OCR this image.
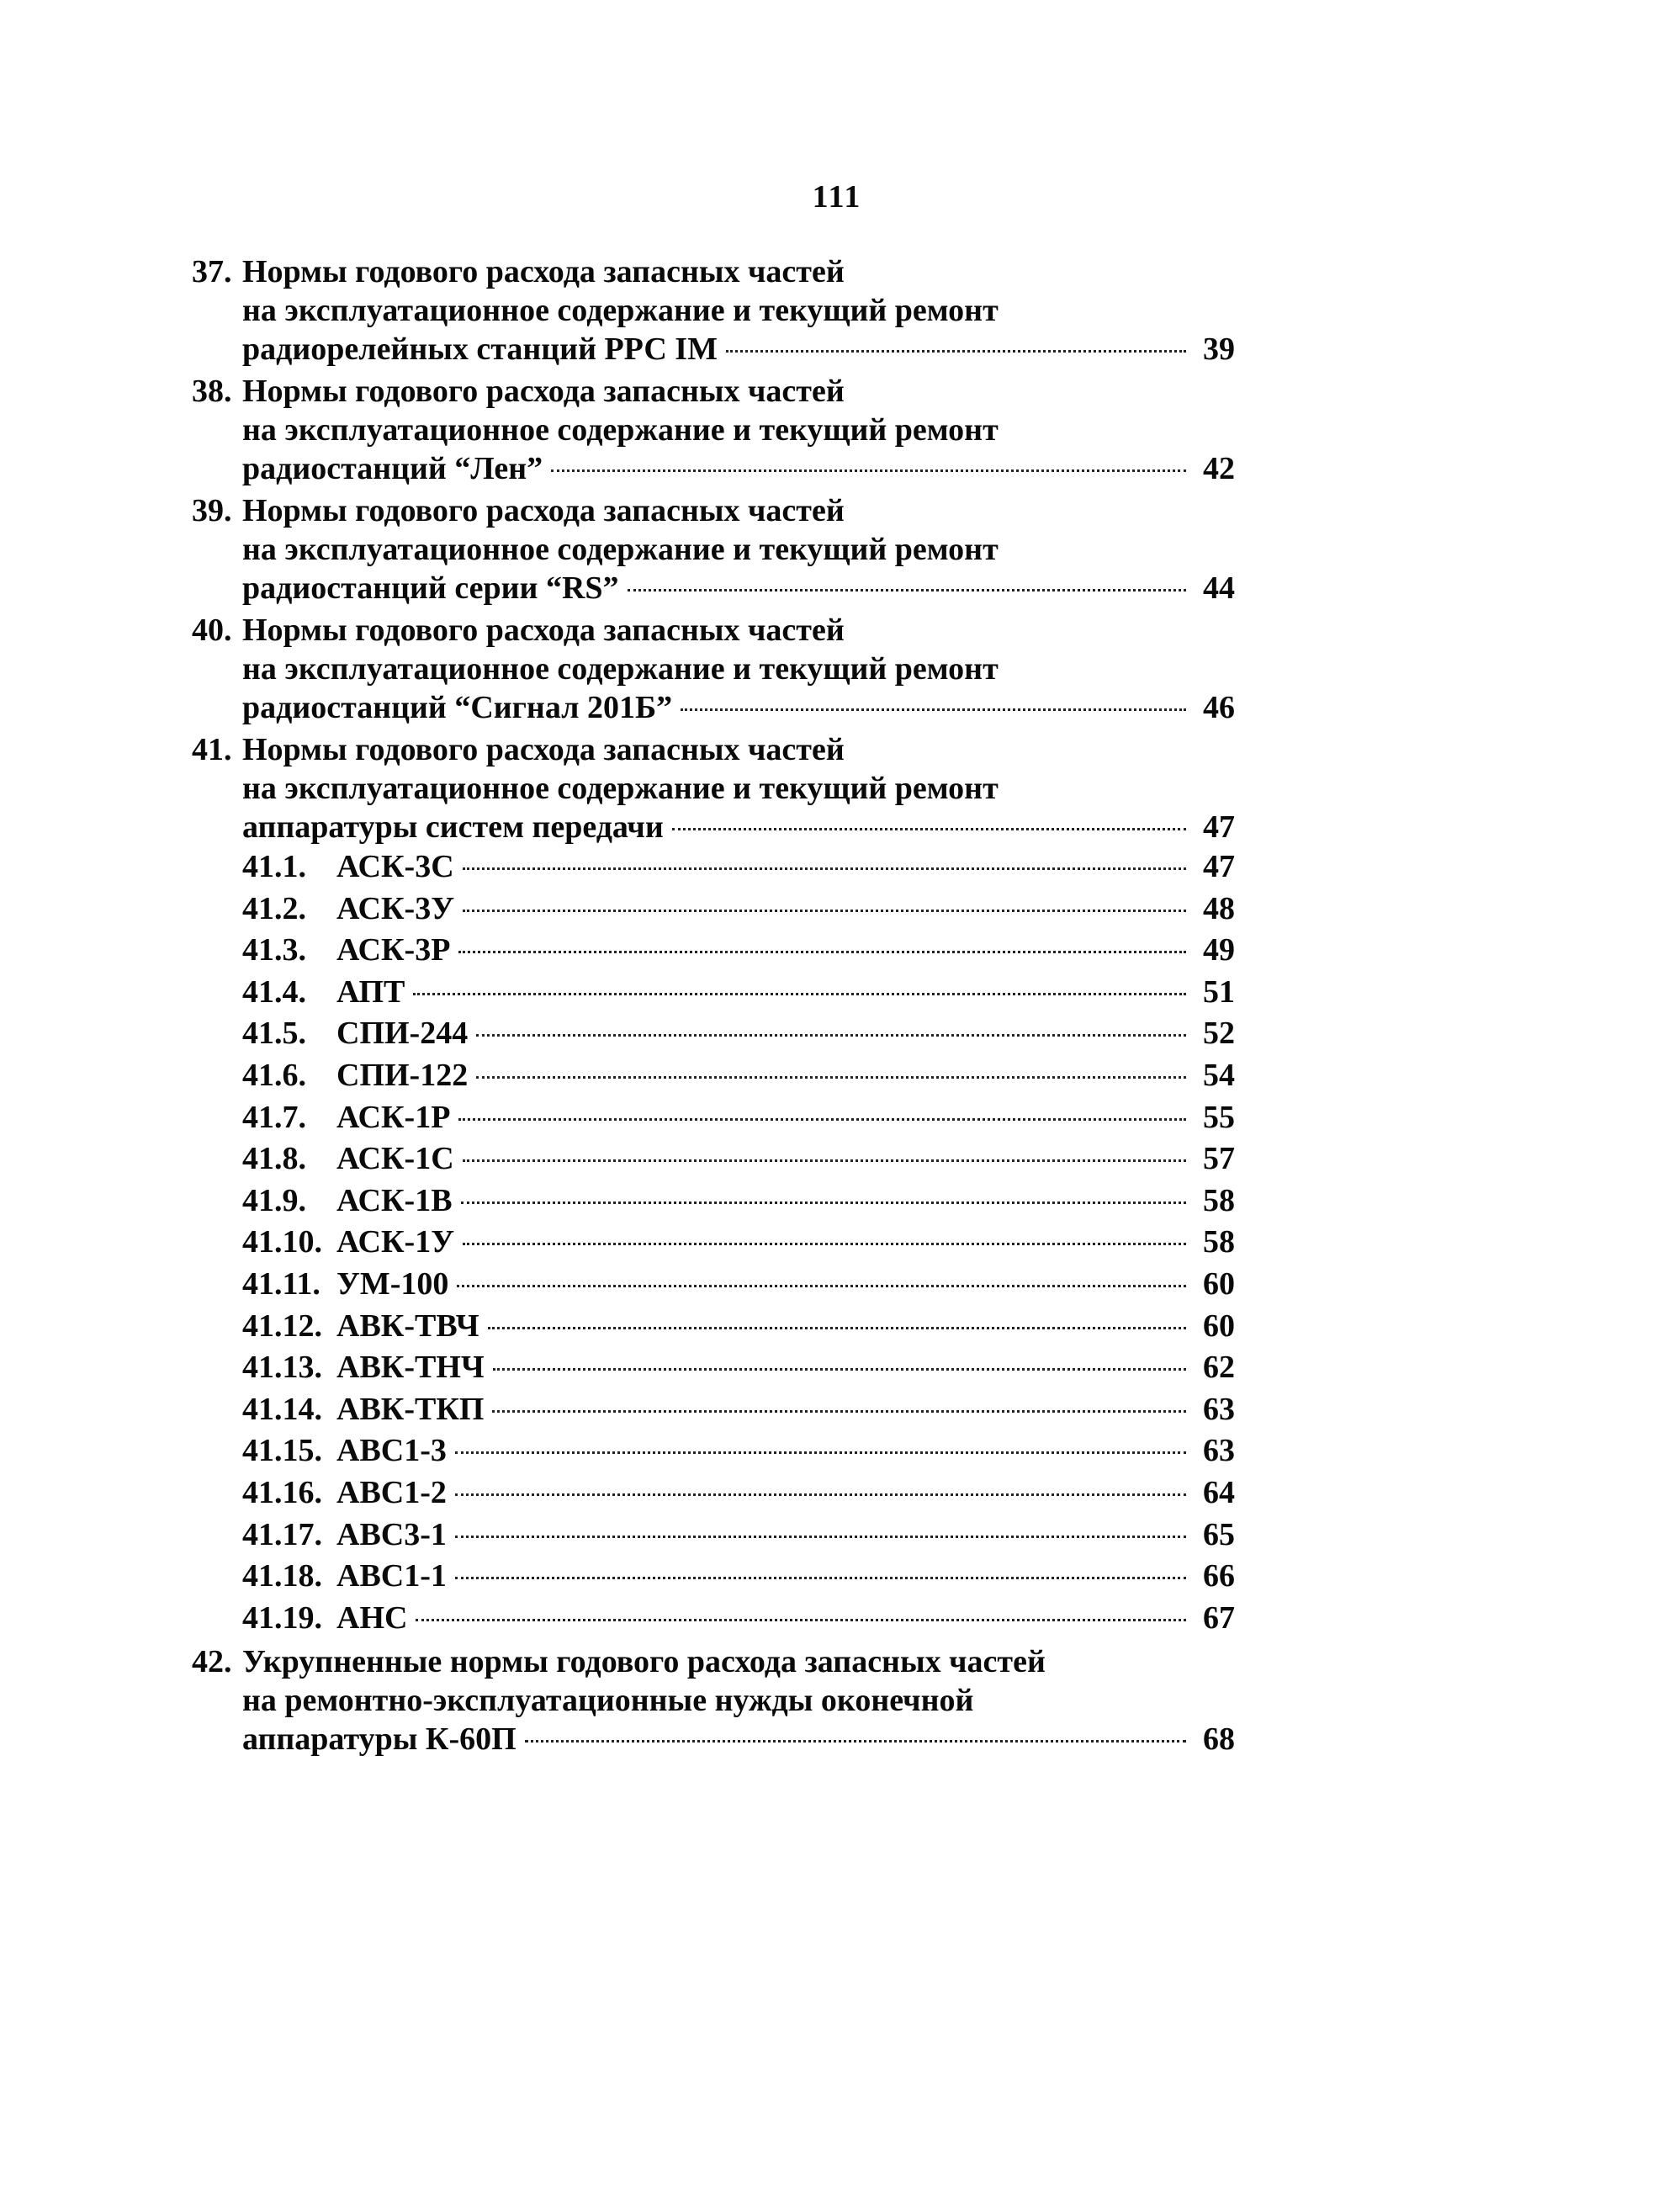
111
37. Нормы годового расхода запасных частей
на эксплуатационное содержание и текущий ремонт
радиорелейных станций РРС IM	39
38. Нормы годового расхода запасных частей
на эксплуатационное содержание и текущий ремонт
радиостанций “Лен”	42
39. Нормы годового расхода запасных частей
на эксплуатационное содержание и текущий ремонт
радиостанций серии “RS”	44
40. Нормы годового расхода запасных частей
на эксплуатационное содержание и текущий ремонт
радиостанций “Сигнал 201Б”	46
41. Нормы годового расхода запасных частей
на эксплуатационное содержание и текущий ремонт
аппаратуры систем передачи	47
41.1. АСК-3С	47
41.2. АСК-3У	48
41.3. АСК-3Р	49
41.4. АПТ	51
41.5. СПИ-244	52
41.6. СПИ-122	54
41.7. АСК-1Р	55
41.8. АСК-1С	57
41.9. АСК-1В	58
41.10. АСК-1У	58
41.11. УМ-100	60
41.12. АВК-ТВЧ	60
41.13. АВК-ТНЧ	62
41.14. АВК-ТКП	63
41.15. АВС1-3	63
41.16. АВС1-2	64
41.17. АВС3-1	65
41.18. АВС1-1	66
41.19. АНС	67
42. Укрупненные нормы годового расхода запасных частей
на ремонтно-эксплуатационные нужды оконечной
аппаратуры К-60П	68
